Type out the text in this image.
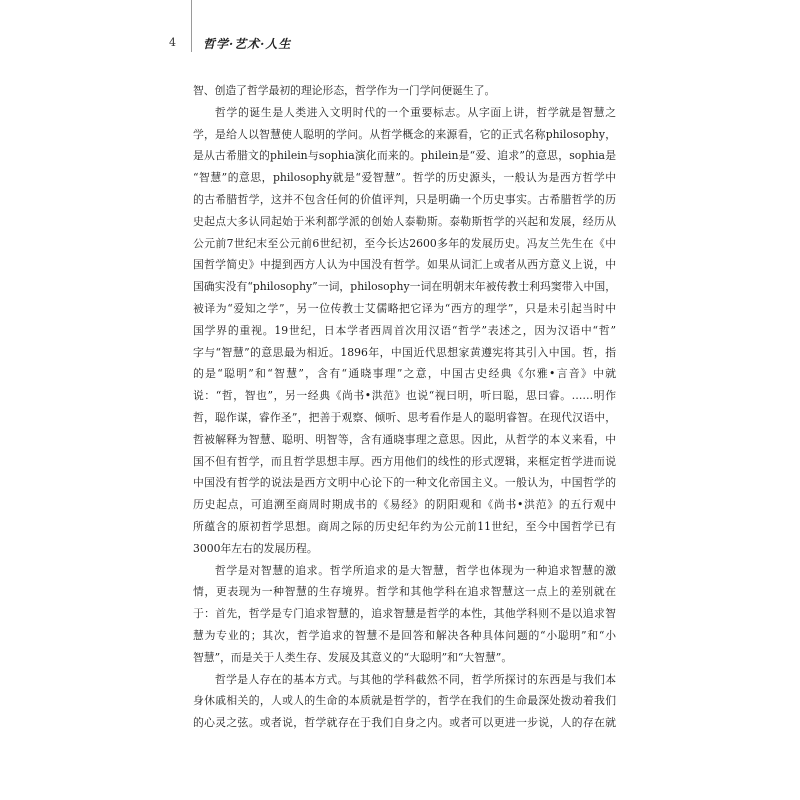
4 哲学·艺术·人生
智、创造了哲学最初的理论形态，哲学作为一门学问便诞生了。
哲学的诞生是人类进入文明时代的一个重要标志。从字面上讲，哲学就是智慧之
学，是给人以智慧使人聪明的学问。从哲学概念的来源看，它的正式名称philosophy，
是从古希腊文的philein与sophia演化而来的。philein是“爱、追求”的意思，sophia是
“智慧”的意思，philosophy就是“爱智慧”。哲学的历史源头，一般认为是西方哲学中
的古希腊哲学，这并不包含任何的价值评判，只是明确一个历史事实。古希腊哲学的历
史起点大多认同起始于米利都学派的创始人泰勒斯。泰勒斯哲学的兴起和发展，经历从
公元前7世纪末至公元前6世纪初，至今长达2600多年的发展历史。冯友兰先生在《中
国哲学简史》中提到西方人认为中国没有哲学。如果从词汇上或者从西方意义上说，中
国确实没有“philosophy”一词，philosophy一词在明朝末年被传教士利玛窦带入中国，
被译为“爱知之学”，另一位传教士艾儒略把它译为“西方的理学”，只是未引起当时中
国学界的重视。19世纪，日本学者西周首次用汉语“哲学”表述之，因为汉语中“哲”
字与“智慧”的意思最为相近。1896年，中国近代思想家黄遵宪将其引入中国。哲，指
的是“聪明”和“智慧”，含有“通晓事理”之意，中国古史经典《尔雅•言音》中就
说：“哲，智也”，另一经典《尚书•洪范》也说“视曰明，听曰聪，思曰睿。……明作
哲，聪作谋，睿作圣”，把善于观察、倾听、思考看作是人的聪明睿智。在现代汉语中，
哲被解释为智慧、聪明、明智等，含有通晓事理之意思。因此，从哲学的本义来看，中
国不但有哲学，而且哲学思想丰厚。西方用他们的线性的形式逻辑，来框定哲学进而说
中国没有哲学的说法是西方文明中心论下的一种文化帝国主义。一般认为，中国哲学的
历史起点，可追溯至商周时期成书的《易经》的阴阳观和《尚书•洪范》的五行观中
所蕴含的原初哲学思想。商周之际的历史纪年约为公元前11世纪，至今中国哲学已有
3000年左右的发展历程。
哲学是对智慧的追求。哲学所追求的是大智慧，哲学也体现为一种追求智慧的激
情，更表现为一种智慧的生存境界。哲学和其他学科在追求智慧这一点上的差别就在
于：首先，哲学是专门追求智慧的，追求智慧是哲学的本性，其他学科则不是以追求智
慧为专业的；其次，哲学追求的智慧不是回答和解决各种具体问题的“小聪明”和“小
智慧”，而是关于人类生存、发展及其意义的“大聪明”和“大智慧”。
哲学是人存在的基本方式。与其他的学科截然不同，哲学所探讨的东西是与我们本
身休戚相关的，人或人的生命的本质就是哲学的，哲学在我们的生命最深处拨动着我们
的心灵之弦。或者说，哲学就存在于我们自身之内。或者可以更进一步说，人的存在就
